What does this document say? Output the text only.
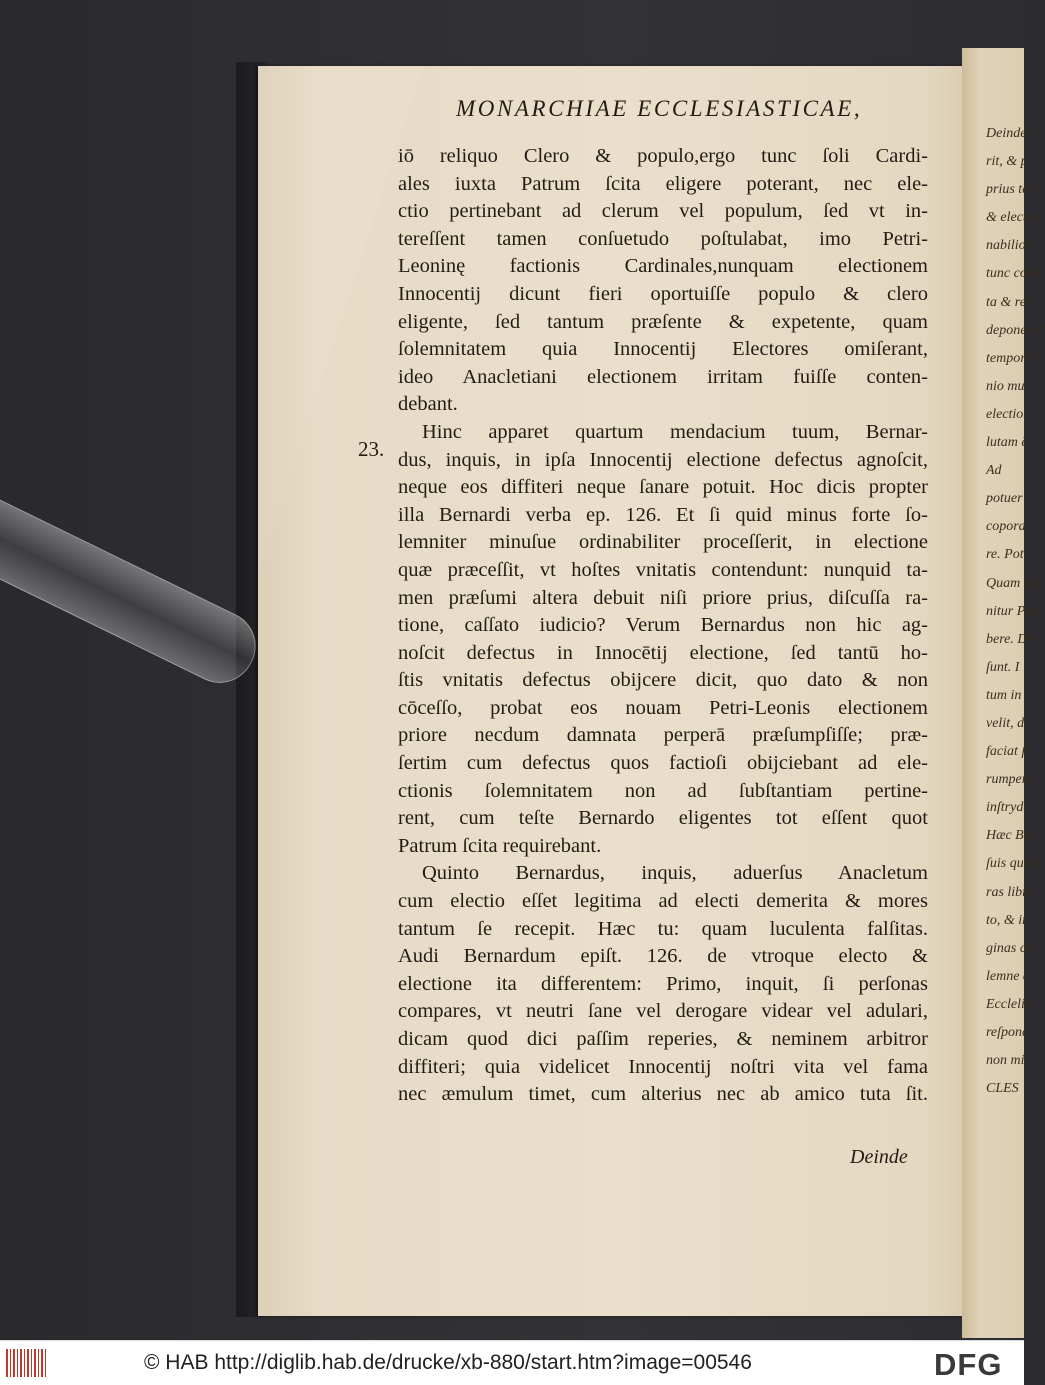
Deinde ſ
rit, & p
prius tem
& electio
nabilior
tunc contr
ta & ren
deponere t
temporis
nio mur
electior
lutam ē
Ad
potuer
copora
re. Pott
Quam eſſe
nitur Pon
bere. De
ſunt. I
tum in
velit, d
faciat ſi
rumpere
inſtrydo
Hæc Bel
ſuis que n
ras libro
to, & in
ginas co
lemne d
Ecclelia
reſponc
non mi
CLES
MONARCHIAE ECCLESIASTICAE,
23.
iō reliquo Clero & populo,ergo tunc ſoli Cardi-
ales iuxta Patrum ſcita eligere poterant, nec ele-
ctio pertinebant ad clerum vel populum, ſed vt in-
tereſſent tamen conſuetudo poſtulabat, imo Petri-
Leoninę factionis Cardinales,nunquam electionem
Innocentij dicunt fieri oportuiſſe populo & clero
eligente, ſed tantum præſente & expetente, quam
ſolemnitatem quia Innocentij Electores omiſerant,
ideo Anacletiani electionem irritam fuiſſe conten-
debant.
Hinc apparet quartum mendacium tuum, Bernar-
dus, inquis, in ipſa Innocentij electione defectus agnoſcit,
neque eos diffiteri neque ſanare potuit. Hoc dicis propter
illa Bernardi verba ep. 126. Et ſi quid minus forte ſo-
lemniter minuſue ordinabiliter proceſſerit, in electione
quæ præceſſit, vt hoſtes vnitatis contendunt: nunquid ta-
men præſumi altera debuit niſi priore prius, diſcuſſa ra-
tione, caſſato iudicio? Verum Bernardus non hic ag-
noſcit defectus in Innocētij electione, ſed tantū ho-
ſtis vnitatis defectus obijcere dicit, quo dato & non
cōceſſo, probat eos nouam Petri-Leonis electionem
priore necdum damnata perperā præſumpſiſſe; præ-
ſertim cum defectus quos factioſi obijciebant ad ele-
ctionis ſolemnitatem non ad ſubſtantiam pertine-
rent, cum teſte Bernardo eligentes tot eſſent quot
Patrum ſcita requirebant.
Quinto Bernardus, inquis, aduerſus Anacletum
cum electio eſſet legitima ad electi demerita & mores
tantum ſe recepit. Hæc tu: quam luculenta falſitas.
Audi Bernardum epiſt. 126. de vtroque electo &
electione ita differentem: Primo, inquit, ſi perſonas
compares, vt neutri ſane vel derogare videar vel adulari,
dicam quod dici paſſim reperies, & neminem arbitror
diffiteri; quia videlicet Innocentij noſtri vita vel fama
nec æmulum timet, cum alterius nec ab amico tuta ſit.
Deinde
© HAB http://diglib.hab.de/drucke/xb-880/start.htm?image=00546	DFG
